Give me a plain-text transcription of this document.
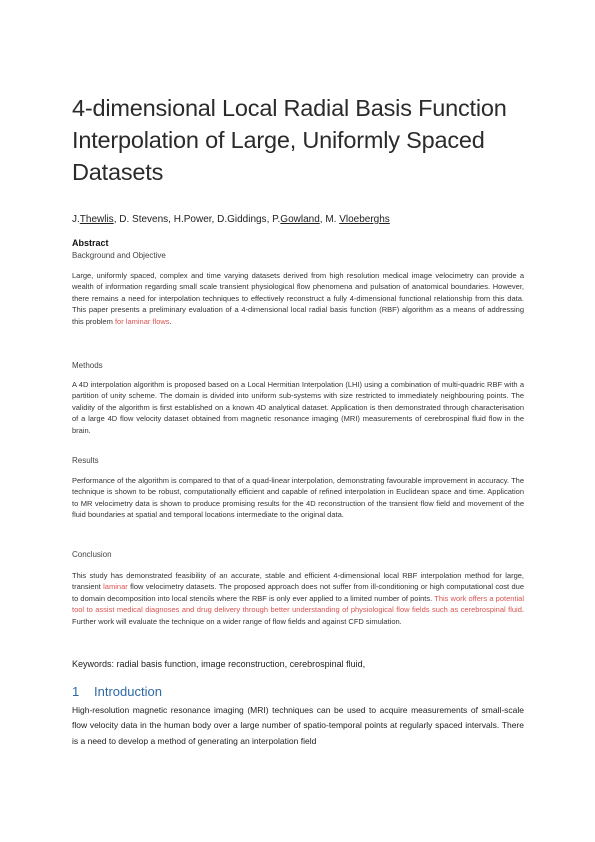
4-dimensional Local Radial Basis Function Interpolation of Large, Uniformly Spaced Datasets
J.Thewlis, D. Stevens, H.Power, D.Giddings, P.Gowland, M. Vloeberghs
Abstract
Background and Objective
Large, uniformly spaced, complex and time varying datasets derived from high resolution medical image velocimetry can provide a wealth of information regarding small scale transient physiological flow phenomena and pulsation of anatomical boundaries. However, there remains a need for interpolation techniques to effectively reconstruct a fully 4-dimensional functional relationship from this data. This paper presents a preliminary evaluation of a 4-dimensional local radial basis function (RBF) algorithm as a means of addressing this problem for laminar flows.
Methods
A 4D interpolation algorithm is proposed based on a Local Hermitian Interpolation (LHI) using a combination of multi-quadric RBF with a partition of unity scheme. The domain is divided into uniform sub-systems with size restricted to immediately neighbouring points. The validity of the algorithm is first established on a known 4D analytical dataset. Application is then demonstrated through characterisation of a large 4D flow velocity dataset obtained from magnetic resonance imaging (MRI) measurements of cerebrospinal fluid flow in the brain.
Results
Performance of the algorithm is compared to that of a quad-linear interpolation, demonstrating favourable improvement in accuracy. The technique is shown to be robust, computationally efficient and capable of refined interpolation in Euclidean space and time. Application to MR velocimetry data is shown to produce promising results for the 4D reconstruction of the transient flow field and movement of the fluid boundaries at spatial and temporal locations intermediate to the original data.
Conclusion
This study has demonstrated feasibility of an accurate, stable and efficient 4-dimensional local RBF interpolation method for large, transient laminar flow velocimetry datasets. The proposed approach does not suffer from ill-conditioning or high computational cost due to domain decomposition into local stencils where the RBF is only ever applied to a limited number of points. This work offers a potential tool to assist medical diagnoses and drug delivery through better understanding of physiological flow fields such as cerebrospinal fluid. Further work will evaluate the technique on a wider range of flow fields and against CFD simulation.
Keywords: radial basis function, image reconstruction, cerebrospinal fluid,
1 Introduction
High-resolution magnetic resonance imaging (MRI) techniques can be used to acquire measurements of small-scale flow velocity data in the human body over a large number of spatio-temporal points at regularly spaced intervals. There is a need to develop a method of generating an interpolation field
